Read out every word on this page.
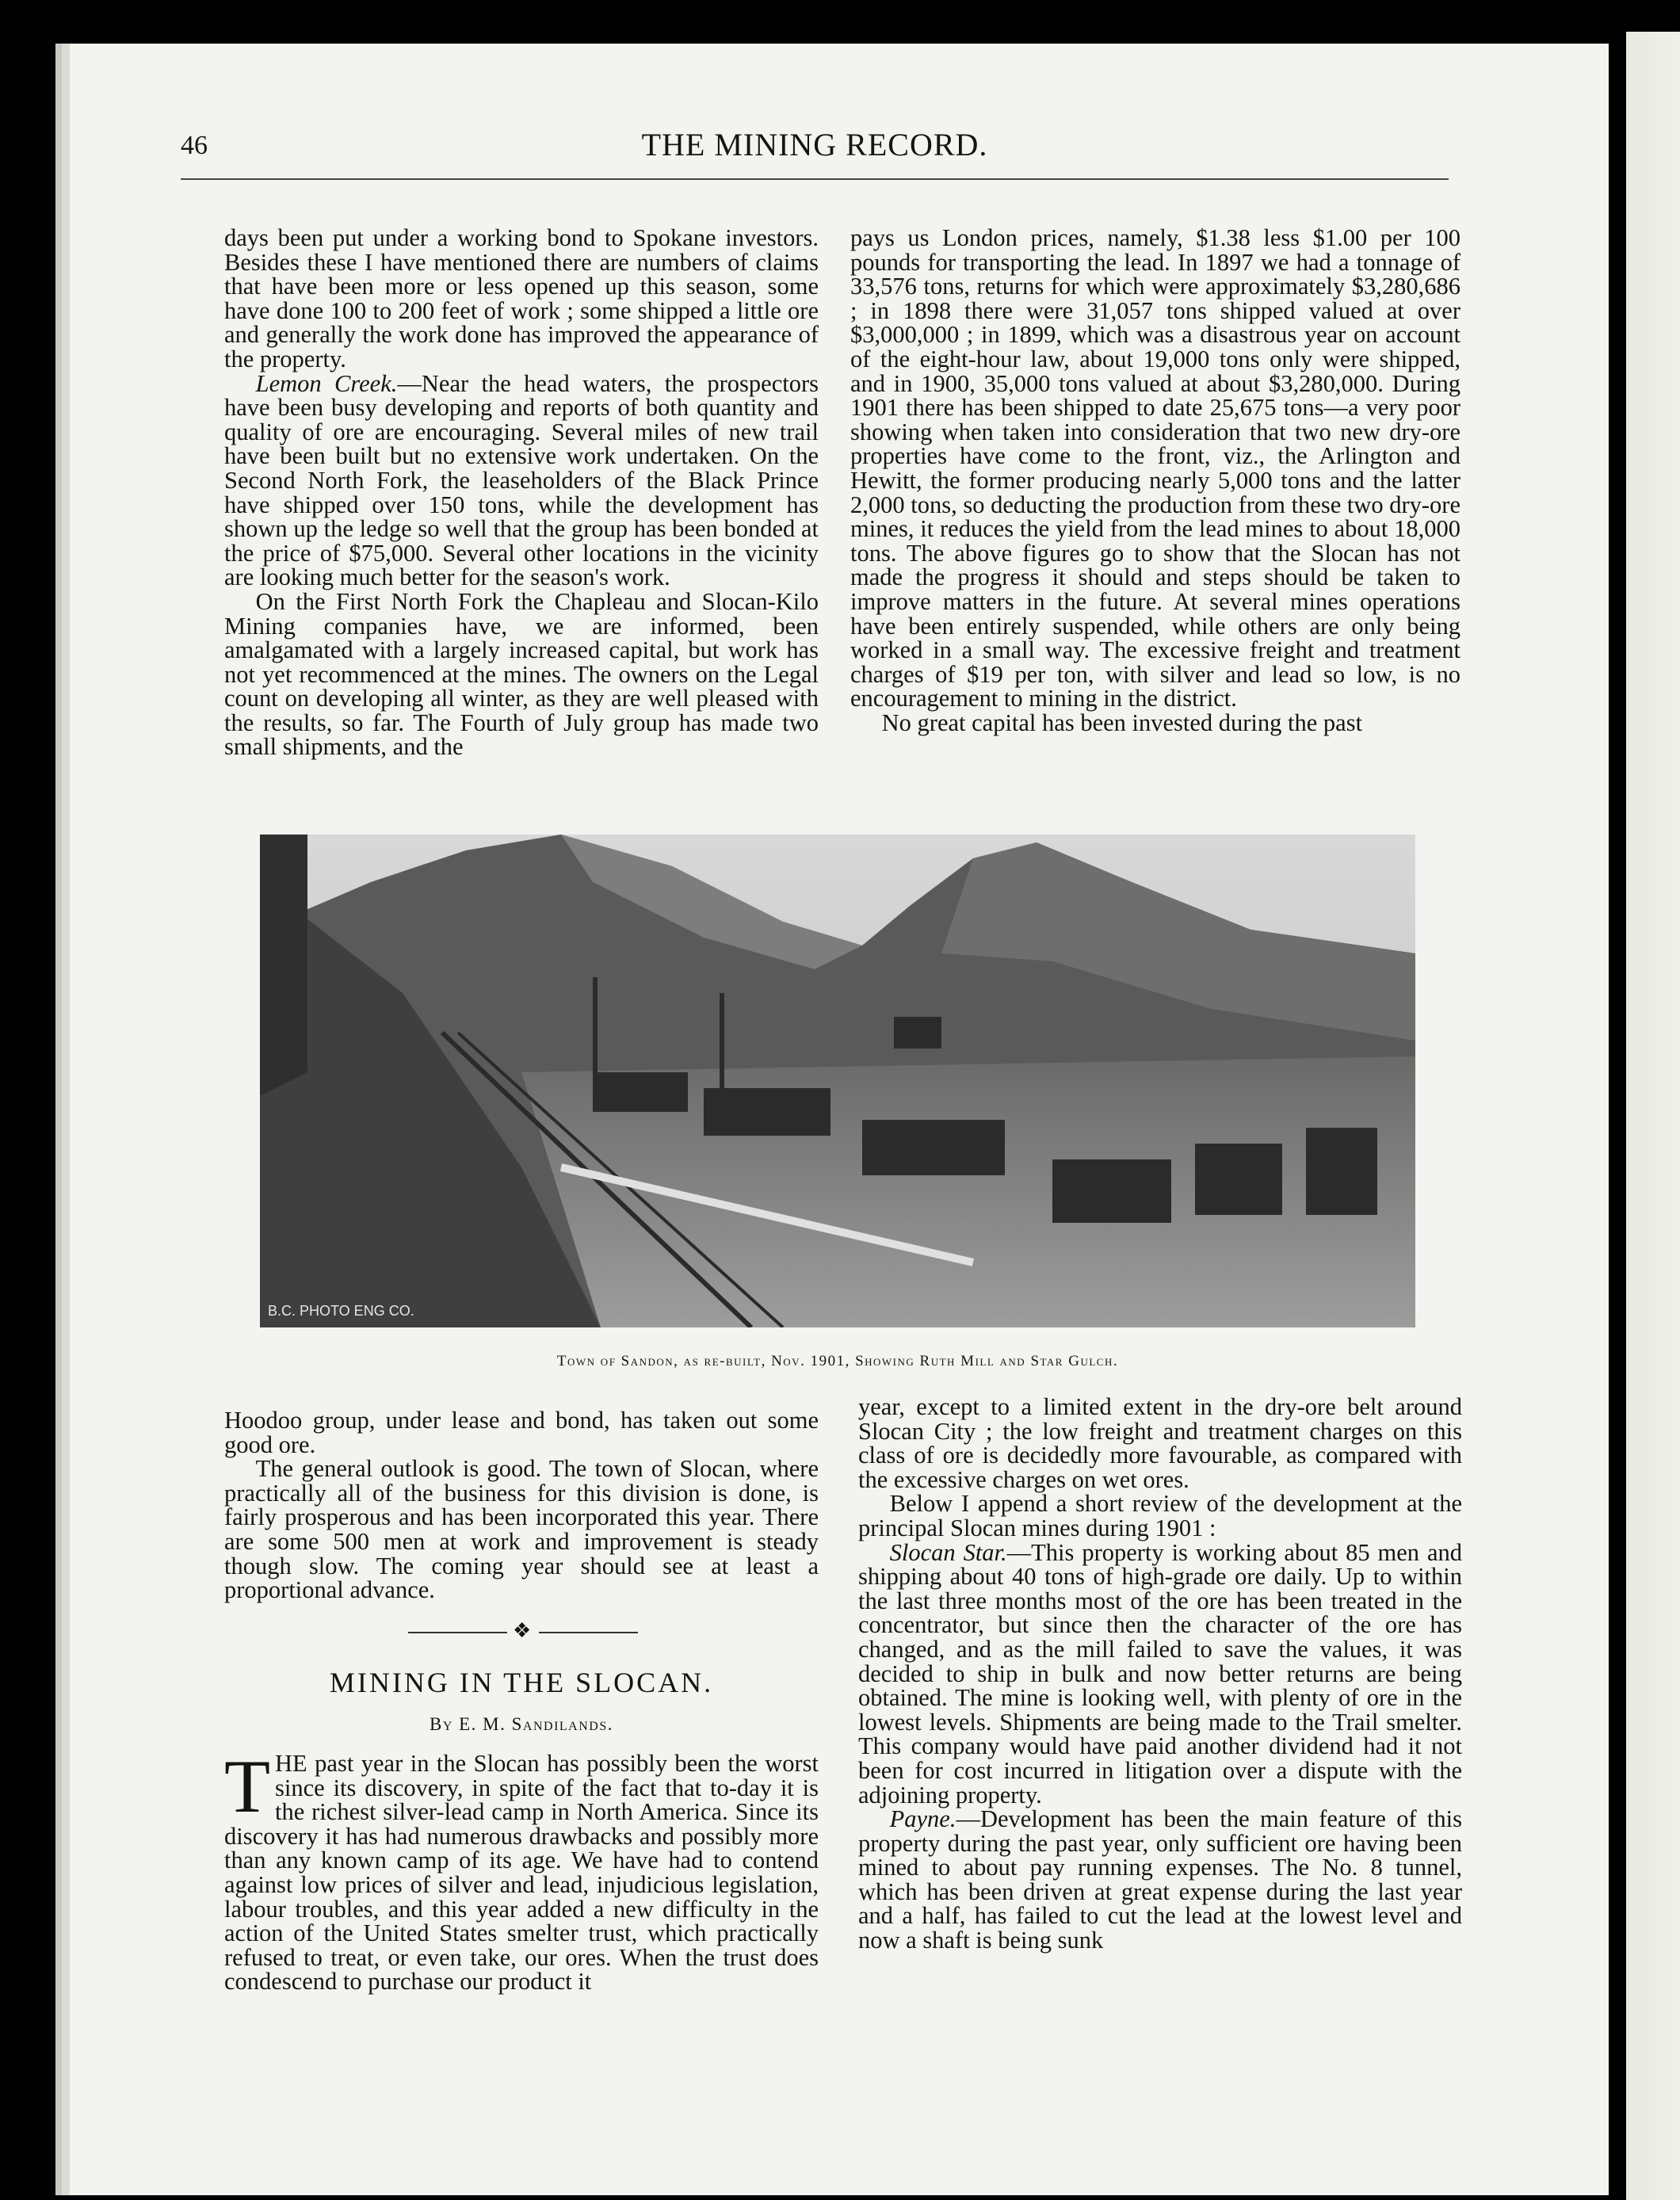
46	THE MINING RECORD.

days been put under a working bond to Spokane investors. Besides these I have mentioned there are numbers of claims that have been more or less opened up this season, some have done 100 to 200 feet of work ; some shipped a little ore and generally the work done has improved the appearance of the property.

Lemon Creek.—Near the head waters, the prospectors have been busy developing and reports of both quantity and quality of ore are encouraging. Several miles of new trail have been built but no extensive work undertaken. On the Second North Fork, the leaseholders of the Black Prince have shipped over 150 tons, while the development has shown up the ledge so well that the group has been bonded at the price of $75,000. Several other locations in the vicinity are looking much better for the season's work.

On the First North Fork the Chapleau and Slocan-Kilo Mining companies have, we are informed, been amalgamated with a largely increased capital, but work has not yet recommenced at the mines. The owners on the Legal count on developing all winter, as they are well pleased with the results, so far. The Fourth of July group has made two small shipments, and the

pays us London prices, namely, $1.38 less $1.00 per 100 pounds for transporting the lead. In 1897 we had a tonnage of 33,576 tons, returns for which were approximately $3,280,686 ; in 1898 there were 31,057 tons shipped valued at over $3,000,000 ; in 1899, which was a disastrous year on account of the eight-hour law, about 19,000 tons only were shipped, and in 1900, 35,000 tons valued at about $3,280,000. During 1901 there has been shipped to date 25,675 tons—a very poor showing when taken into consideration that two new dry-ore properties have come to the front, viz., the Arlington and Hewitt, the former producing nearly 5,000 tons and the latter 2,000 tons, so deducting the production from these two dry-ore mines, it reduces the yield from the lead mines to about 18,000 tons. The above figures go to show that the Slocan has not made the progress it should and steps should be taken to improve matters in the future. At several mines operations have been entirely suspended, while others are only being worked in a small way. The excessive freight and treatment charges of $19 per ton, with silver and lead so low, is no encouragement to mining in the district.

No great capital has been invested during the past

B.C. PHOTO ENG CO.
Town of Sandon, as re-built, Nov. 1901, Showing Ruth Mill and Star Gulch.

Hoodoo group, under lease and bond, has taken out some good ore.

The general outlook is good. The town of Slocan, where practically all of the business for this division is done, is fairly prosperous and has been incorporated this year. There are some 500 men at work and improvement is steady though slow. The coming year should see at least a proportional advance.

❖
MINING IN THE SLOCAN.
By E. M. Sandilands.

THE past year in the Slocan has possibly been the worst since its discovery, in spite of the fact that to-day it is the richest silver-lead camp in North America. Since its discovery it has had numerous drawbacks and possibly more than any known camp of its age. We have had to contend against low prices of silver and lead, injudicious legislation, labour troubles, and this year added a new difficulty in the action of the United States smelter trust, which practically refused to treat, or even take, our ores. When the trust does condescend to purchase our product it

year, except to a limited extent in the dry-ore belt around Slocan City ; the low freight and treatment charges on this class of ore is decidedly more favourable, as compared with the excessive charges on wet ores.

Below I append a short review of the development at the principal Slocan mines during 1901 :

Slocan Star.—This property is working about 85 men and shipping about 40 tons of high-grade ore daily. Up to within the last three months most of the ore has been treated in the concentrator, but since then the character of the ore has changed, and as the mill failed to save the values, it was decided to ship in bulk and now better returns are being obtained. The mine is looking well, with plenty of ore in the lowest levels. Shipments are being made to the Trail smelter. This company would have paid another dividend had it not been for cost incurred in litigation over a dispute with the adjoining property.

Payne.—Development has been the main feature of this property during the past year, only sufficient ore having been mined to about pay running expenses. The No. 8 tunnel, which has been driven at great expense during the last year and a half, has failed to cut the lead at the lowest level and now a shaft is being sunk
